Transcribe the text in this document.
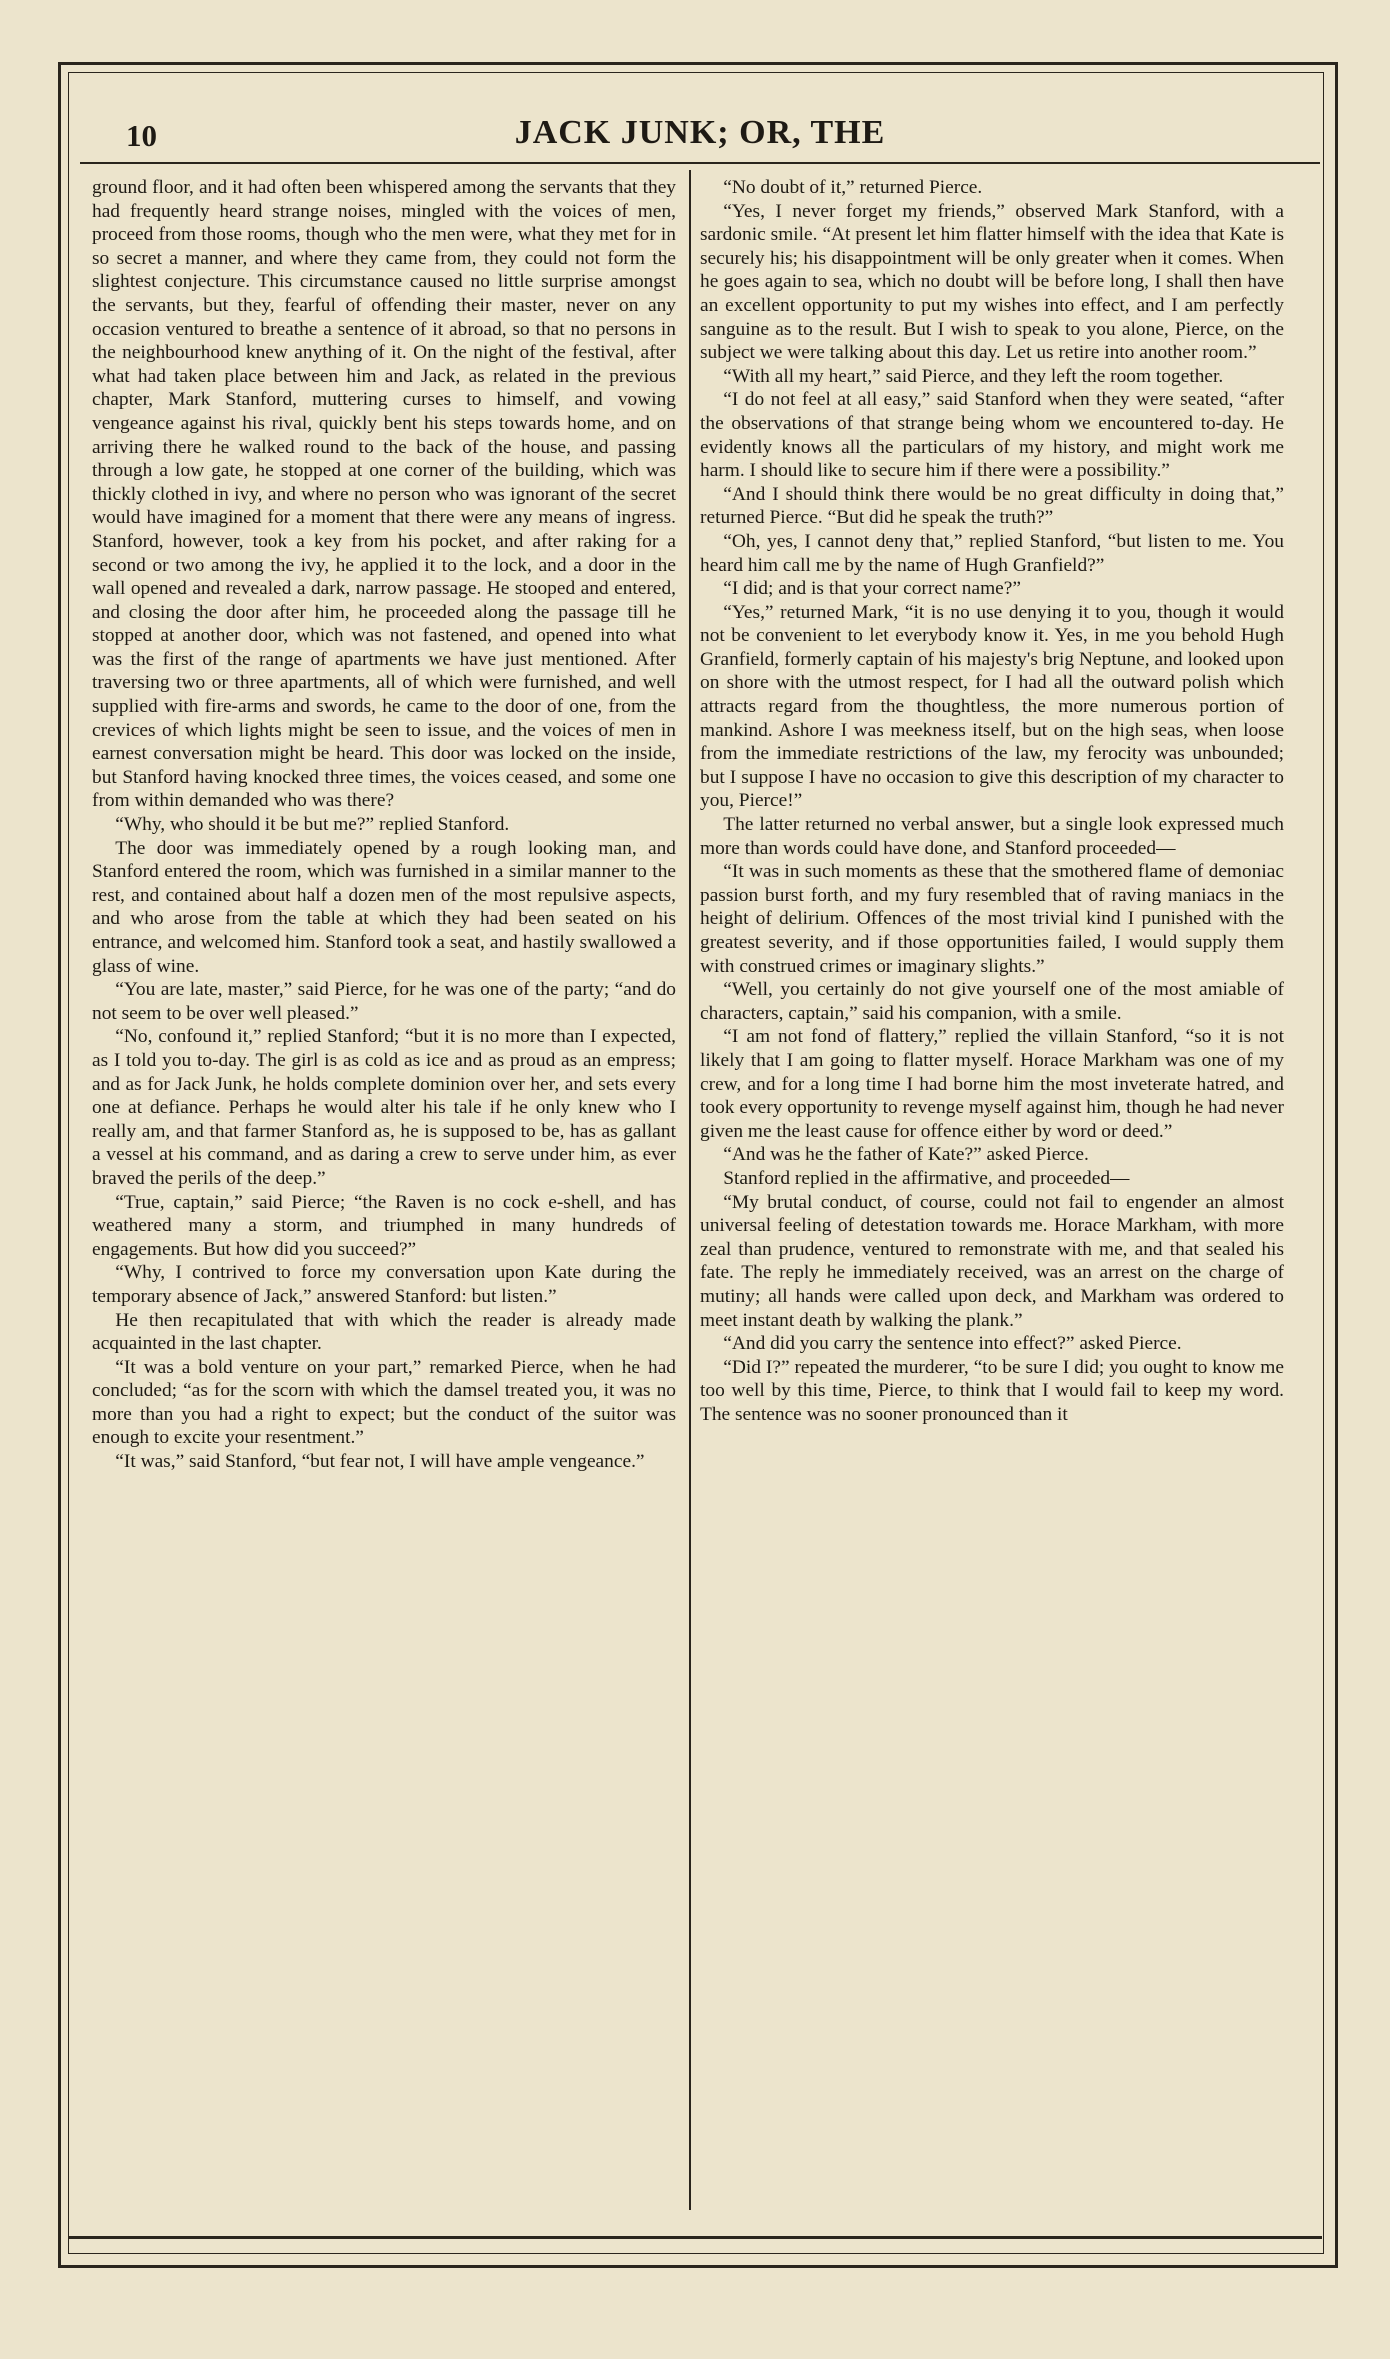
10	JACK JUNK; OR, THE

ground floor, and it had often been whispered among the servants that they had frequently heard strange noises, mingled with the voices of men, proceed from those rooms, though who the men were, what they met for in so secret a manner, and where they came from, they could not form the slightest conjecture. This circumstance caused no little surprise amongst the servants, but they, fearful of offending their master, never on any occasion ventured to breathe a sentence of it abroad, so that no persons in the neighbourhood knew anything of it. On the night of the festival, after what had taken place between him and Jack, as related in the previous chapter, Mark Stanford, muttering curses to himself, and vowing vengeance against his rival, quickly bent his steps towards home, and on arriving there he walked round to the back of the house, and passing through a low gate, he stopped at one corner of the building, which was thickly clothed in ivy, and where no person who was ignorant of the secret would have imagined for a moment that there were any means of ingress. Stanford, however, took a key from his pocket, and after raking for a second or two among the ivy, he applied it to the lock, and a door in the wall opened and revealed a dark, narrow passage. He stooped and entered, and closing the door after him, he proceeded along the passage till he stopped at another door, which was not fastened, and opened into what was the first of the range of apartments we have just mentioned. After traversing two or three apartments, all of which were furnished, and well supplied with fire-arms and swords, he came to the door of one, from the crevices of which lights might be seen to issue, and the voices of men in earnest conversation might be heard. This door was locked on the inside, but Stanford having knocked three times, the voices ceased, and some one from within demanded who was there?

“Why, who should it be but me?” replied Stanford.

The door was immediately opened by a rough looking man, and Stanford entered the room, which was furnished in a similar manner to the rest, and contained about half a dozen men of the most repulsive aspects, and who arose from the table at which they had been seated on his entrance, and welcomed him. Stanford took a seat, and hastily swallowed a glass of wine.

“You are late, master,” said Pierce, for he was one of the party; “and do not seem to be over well pleased.”

“No, confound it,” replied Stanford; “but it is no more than I expected, as I told you to-day. The girl is as cold as ice and as proud as an empress; and as for Jack Junk, he holds complete dominion over her, and sets every one at defiance. Perhaps he would alter his tale if he only knew who I really am, and that farmer Stanford as, he is supposed to be, has as gallant a vessel at his command, and as daring a crew to serve under him, as ever braved the perils of the deep.”

“True, captain,” said Pierce; “the Raven is no cock e-shell, and has weathered many a storm, and triumphed in many hundreds of engagements. But how did you succeed?”

“Why, I contrived to force my conversation upon Kate during the temporary absence of Jack,” answered Stanford: but listen.”

He then recapitulated that with which the reader is already made acquainted in the last chapter.

“It was a bold venture on your part,” remarked Pierce, when he had concluded; “as for the scorn with which the damsel treated you, it was no more than you had a right to expect; but the conduct of the suitor was enough to excite your resentment.”

“It was,” said Stanford, “but fear not, I will have ample vengeance.”

“No doubt of it,” returned Pierce.

“Yes, I never forget my friends,” observed Mark Stanford, with a sardonic smile. “At present let him flatter himself with the idea that Kate is securely his; his disappointment will be only greater when it comes. When he goes again to sea, which no doubt will be before long, I shall then have an excellent opportunity to put my wishes into effect, and I am perfectly sanguine as to the result. But I wish to speak to you alone, Pierce, on the subject we were talking about this day. Let us retire into another room.”

“With all my heart,” said Pierce, and they left the room together.

“I do not feel at all easy,” said Stanford when they were seated, “after the observations of that strange being whom we encountered to-day. He evidently knows all the particulars of my history, and might work me harm. I should like to secure him if there were a possibility.”

“And I should think there would be no great difficulty in doing that,” returned Pierce. “But did he speak the truth?”

“Oh, yes, I cannot deny that,” replied Stanford, “but listen to me. You heard him call me by the name of Hugh Granfield?”

“I did; and is that your correct name?”

“Yes,” returned Mark, “it is no use denying it to you, though it would not be convenient to let everybody know it. Yes, in me you behold Hugh Granfield, formerly captain of his majesty's brig Neptune, and looked upon on shore with the utmost respect, for I had all the outward polish which attracts regard from the thoughtless, the more numerous portion of mankind. Ashore I was meekness itself, but on the high seas, when loose from the immediate restrictions of the law, my ferocity was unbounded; but I suppose I have no occasion to give this description of my character to you, Pierce!”

The latter returned no verbal answer, but a single look expressed much more than words could have done, and Stanford proceeded—

“It was in such moments as these that the smothered flame of demoniac passion burst forth, and my fury resembled that of raving maniacs in the height of delirium. Offences of the most trivial kind I punished with the greatest severity, and if those opportunities failed, I would supply them with construed crimes or imaginary slights.”

“Well, you certainly do not give yourself one of the most amiable of characters, captain,” said his companion, with a smile.

“I am not fond of flattery,” replied the villain Stanford, “so it is not likely that I am going to flatter myself. Horace Markham was one of my crew, and for a long time I had borne him the most inveterate hatred, and took every opportunity to revenge myself against him, though he had never given me the least cause for offence either by word or deed.”

“And was he the father of Kate?” asked Pierce.

Stanford replied in the affirmative, and proceeded—

“My brutal conduct, of course, could not fail to engender an almost universal feeling of detestation towards me. Horace Markham, with more zeal than prudence, ventured to remonstrate with me, and that sealed his fate. The reply he immediately received, was an arrest on the charge of mutiny; all hands were called upon deck, and Markham was ordered to meet instant death by walking the plank.”

“And did you carry the sentence into effect?” asked Pierce.

“Did I?” repeated the murderer, “to be sure I did; you ought to know me too well by this time, Pierce, to think that I would fail to keep my word. The sentence was no sooner pronounced than it
